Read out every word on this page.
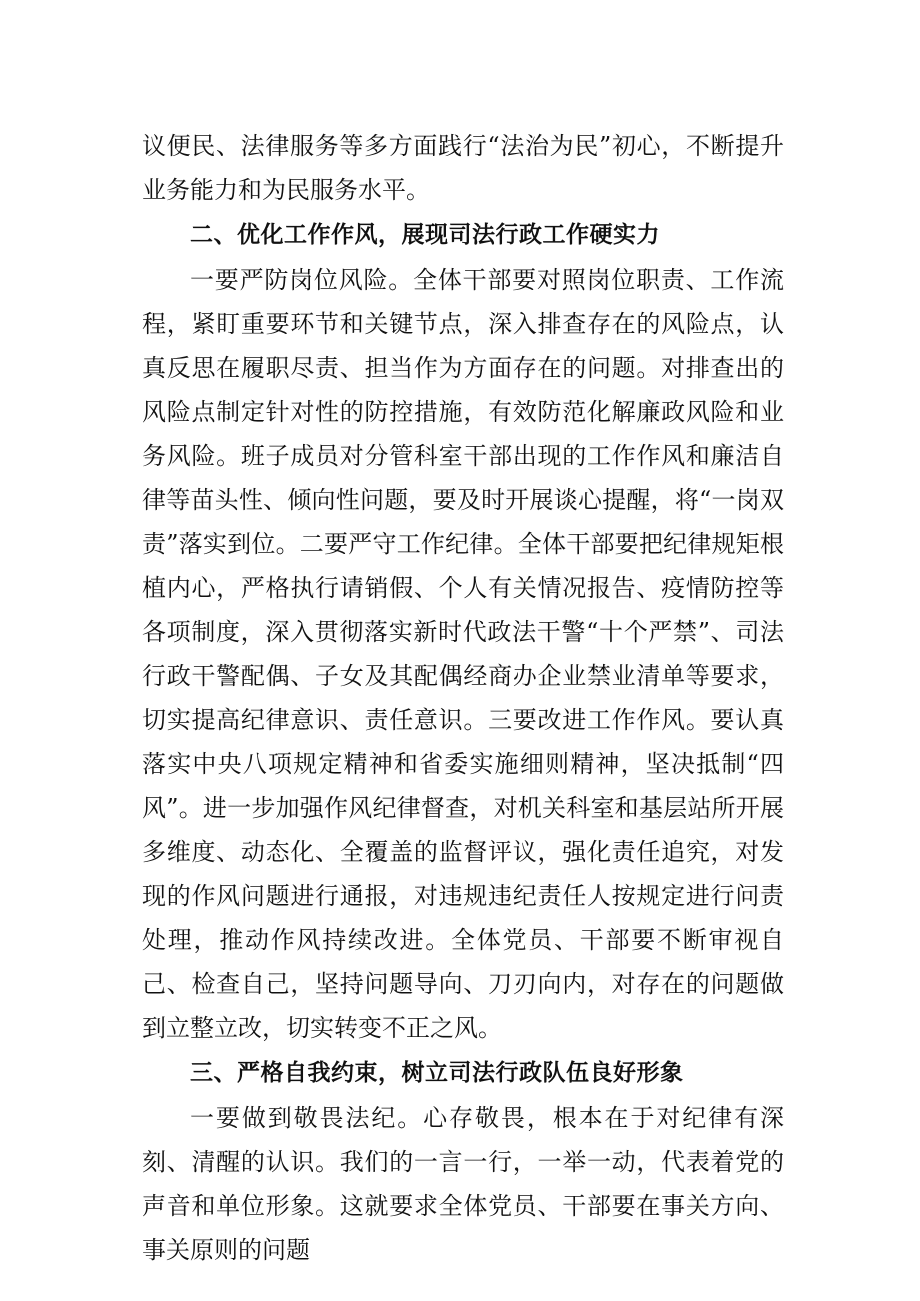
议便民、法律服务等多方面践行“法治为民”初心，不断提升业务能力和为民服务水平。

二、优化工作作风，展现司法行政工作硬实力

一要严防岗位风险。全体干部要对照岗位职责、工作流程，紧盯重要环节和关键节点，深入排查存在的风险点，认真反思在履职尽责、担当作为方面存在的问题。对排查出的风险点制定针对性的防控措施，有效防范化解廉政风险和业务风险。班子成员对分管科室干部出现的工作作风和廉洁自律等苗头性、倾向性问题，要及时开展谈心提醒，将“一岗双责”落实到位。二要严守工作纪律。全体干部要把纪律规矩根植内心，严格执行请销假、个人有关情况报告、疫情防控等各项制度，深入贯彻落实新时代政法干警“十个严禁”、司法行政干警配偶、子女及其配偶经商办企业禁业清单等要求，切实提高纪律意识、责任意识。三要改进工作作风。要认真落实中央八项规定精神和省委实施细则精神，坚决抵制“四风”。进一步加强作风纪律督查，对机关科室和基层站所开展多维度、动态化、全覆盖的监督评议，强化责任追究，对发现的作风问题进行通报，对违规违纪责任人按规定进行问责处理，推动作风持续改进。全体党员、干部要不断审视自己、检查自己，坚持问题导向、刀刃向内，对存在的问题做到立整立改，切实转变不正之风。

三、严格自我约束，树立司法行政队伍良好形象

一要做到敬畏法纪。心存敬畏，根本在于对纪律有深刻、清醒的认识。我们的一言一行，一举一动，代表着党的声音和单位形象。这就要求全体党员、干部要在事关方向、事关原则的问题
